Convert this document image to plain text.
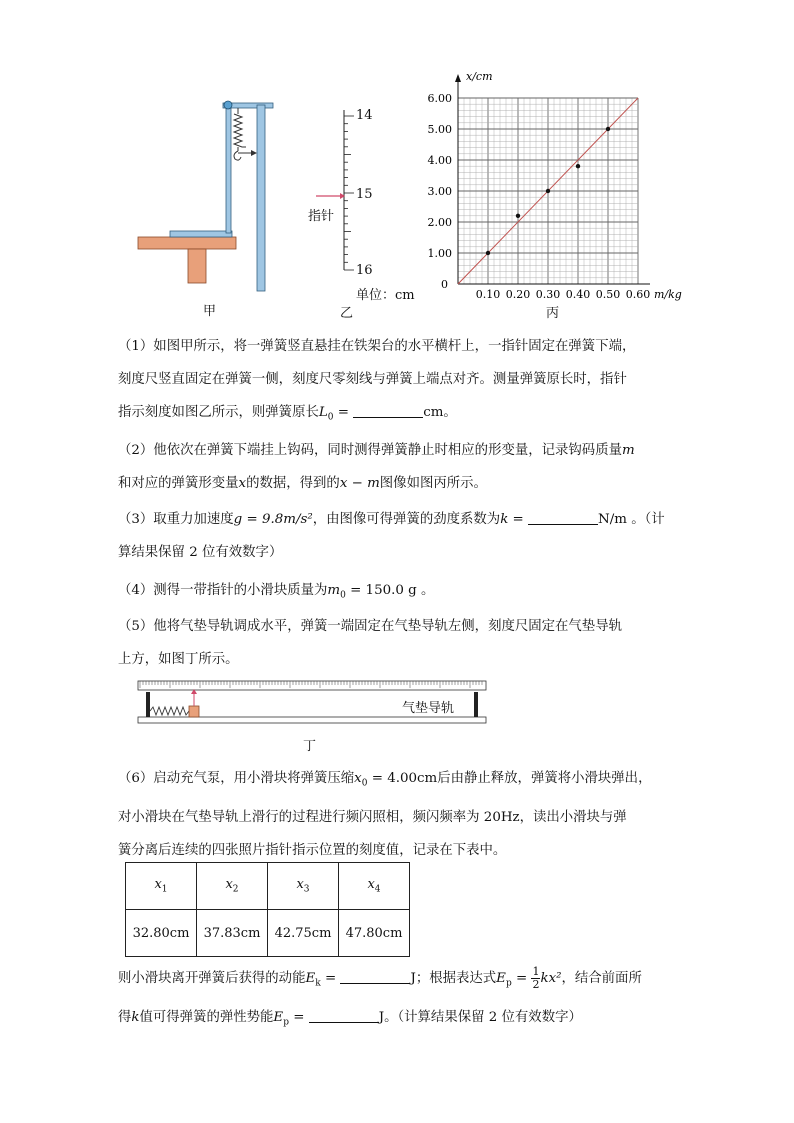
甲
14
15
16
指针
单位：cm
乙
0.10 0.20 0.30 0.40 0.50 0.60
1.00
2.00
3.00
4.00
5.00
6.00
0
m/kg
x/cm
丙
（1）如图甲所示，将一弹簧竖直悬挂在铁架台的水平横杆上，一指针固定在弹簧下端，
刻度尺竖直固定在弹簧一侧，刻度尺零刻线与弹簧上端点对齐。测量弹簧原长时，指针
指示刻度如图乙所示，则弹簧原长$L_0$ =	cm。
（2）他依次在弹簧下端挂上钩码，同时测得弹簧静止时相应的形变量，记录钩码质量m
和对应的弹簧形变量x的数据，得到的x − m图像如图丙所示。
（3）取重力加速度g = 9.8m/s²，由图像可得弹簧的劲度系数为k =	N/m 。（计
算结果保留 2 位有效数字）
（4）测得一带指针的小滑块质量为$m_0 = 150.0$ g 。
（5）他将气垫导轨调成水平，弹簧一端固定在气垫导轨左侧，刻度尺固定在气垫导轨
上方，如图丁所示。
气垫导轨
丁
（6）启动充气泵，用小滑块将弹簧压缩$x_0 = 4.00cm$后由静止释放，弹簧将小滑块弹出，
对小滑块在气垫导轨上滑行的过程进行频闪照相，频闪频率为 20Hz，读出小滑块与弹
簧分离后连续的四张照片指针指示位置的刻度值，记录在下表中。
$x_1$	$x_2$	$x_3$	$x_4$
32.80cm	37.83cm	42.75cm	47.80cm
则小滑块离开弹簧后获得的动能$E_k$ =	J；根据表达式$E_p = \frac{1}{2} kx^2$，结合前面所
得k值可得弹簧的弹性势能$E_p$ =	J。（计算结果保留 2 位有效数字）
